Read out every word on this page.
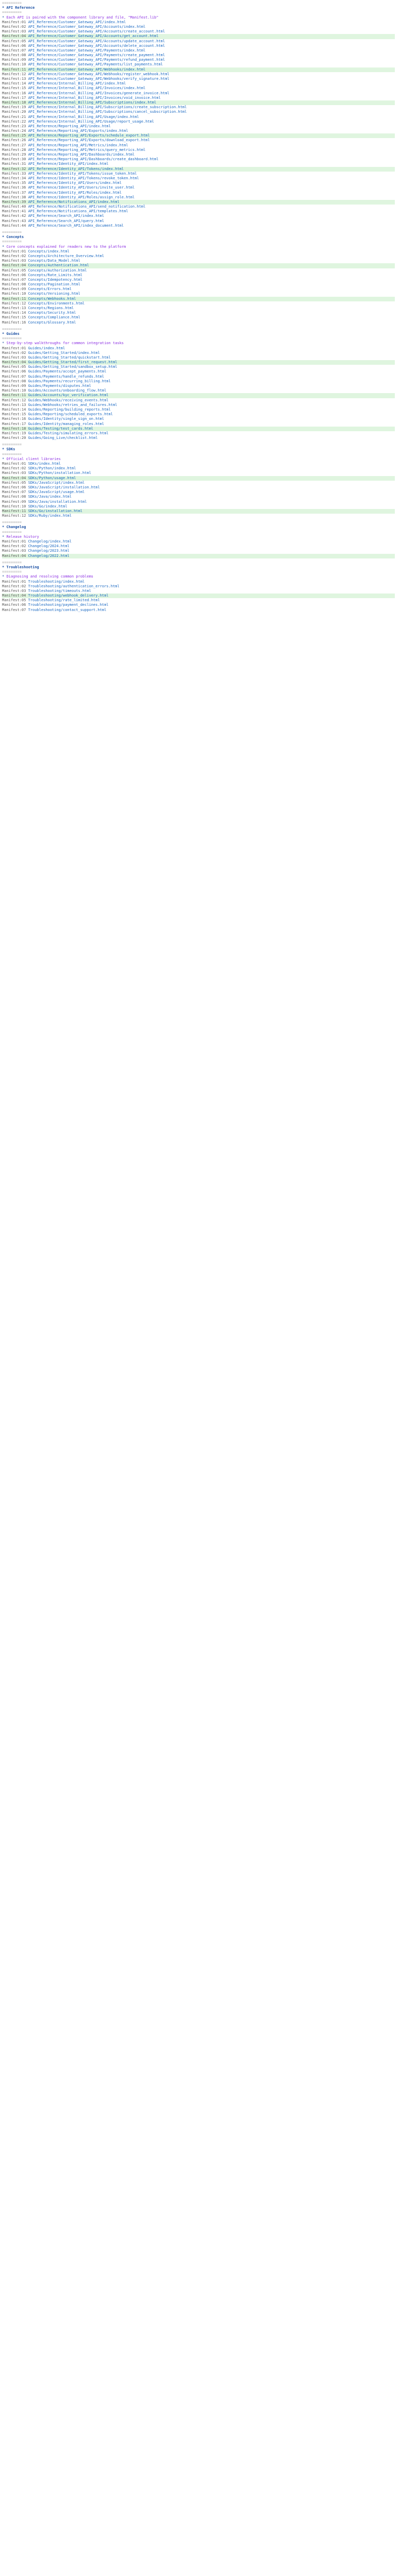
=========
* API Reference
=========
* Each API is paired with the component library and file, "Manifest.lib"
Manifest:01 API_Reference/Customer_Gateway_API/index.html
Manifest:02 API_Reference/Customer_Gateway_API/Accounts/index.html
Manifest:03 API_Reference/Customer_Gateway_API/Accounts/create_account.html
Manifest:04 API_Reference/Customer_Gateway_API/Accounts/get_account.html
Manifest:05 API_Reference/Customer_Gateway_API/Accounts/update_account.html
Manifest:06 API_Reference/Customer_Gateway_API/Accounts/delete_account.html
Manifest:07 API_Reference/Customer_Gateway_API/Payments/index.html
Manifest:08 API_Reference/Customer_Gateway_API/Payments/create_payment.html
Manifest:09 API_Reference/Customer_Gateway_API/Payments/refund_payment.html
Manifest:10 API_Reference/Customer_Gateway_API/Payments/list_payments.html
Manifest:11 API_Reference/Customer_Gateway_API/Webhooks/index.html
Manifest:12 API_Reference/Customer_Gateway_API/Webhooks/register_webhook.html
Manifest:13 API_Reference/Customer_Gateway_API/Webhooks/verify_signature.html
Manifest:14 API_Reference/Internal_Billing_API/index.html
Manifest:15 API_Reference/Internal_Billing_API/Invoices/index.html
Manifest:16 API_Reference/Internal_Billing_API/Invoices/generate_invoice.html
Manifest:17 API_Reference/Internal_Billing_API/Invoices/void_invoice.html
Manifest:18 API_Reference/Internal_Billing_API/Subscriptions/index.html
Manifest:19 API_Reference/Internal_Billing_API/Subscriptions/create_subscription.html
Manifest:20 API_Reference/Internal_Billing_API/Subscriptions/cancel_subscription.html
Manifest:21 API_Reference/Internal_Billing_API/Usage/index.html
Manifest:22 API_Reference/Internal_Billing_API/Usage/report_usage.html
Manifest:23 API_Reference/Reporting_API/index.html
Manifest:24 API_Reference/Reporting_API/Exports/index.html
Manifest:25 API_Reference/Reporting_API/Exports/schedule_export.html
Manifest:26 API_Reference/Reporting_API/Exports/download_export.html
Manifest:27 API_Reference/Reporting_API/Metrics/index.html
Manifest:28 API_Reference/Reporting_API/Metrics/query_metrics.html
Manifest:29 API_Reference/Reporting_API/Dashboards/index.html
Manifest:30 API_Reference/Reporting_API/Dashboards/create_dashboard.html
Manifest:31 API_Reference/Identity_API/index.html
Manifest:32 API_Reference/Identity_API/Tokens/index.html
Manifest:33 API_Reference/Identity_API/Tokens/issue_token.html
Manifest:34 API_Reference/Identity_API/Tokens/revoke_token.html
Manifest:35 API_Reference/Identity_API/Users/index.html
Manifest:36 API_Reference/Identity_API/Users/invite_user.html
Manifest:37 API_Reference/Identity_API/Roles/index.html
Manifest:38 API_Reference/Identity_API/Roles/assign_role.html
Manifest:39 API_Reference/Notifications_API/index.html
Manifest:40 API_Reference/Notifications_API/send_notification.html
Manifest:41 API_Reference/Notifications_API/templates.html
Manifest:42 API_Reference/Search_API/index.html
Manifest:43 API_Reference/Search_API/query.html
Manifest:44 API_Reference/Search_API/index_document.html
=========
* Concepts
=========
* Core concepts explained for readers new to the platform
Manifest:01 Concepts/index.html
Manifest:02 Concepts/Architecture_Overview.html
Manifest:03 Concepts/Data_Model.html
Manifest:04 Concepts/Authentication.html
Manifest:05 Concepts/Authorization.html
Manifest:06 Concepts/Rate_Limits.html
Manifest:07 Concepts/Idempotency.html
Manifest:08 Concepts/Pagination.html
Manifest:09 Concepts/Errors.html
Manifest:10 Concepts/Versioning.html
Manifest:11 Concepts/Webhooks.html
Manifest:12 Concepts/Environments.html
Manifest:13 Concepts/Regions.html
Manifest:14 Concepts/Security.html
Manifest:15 Concepts/Compliance.html
Manifest:16 Concepts/Glossary.html
=========
* Guides
=========
* Step-by-step walkthroughs for common integration tasks
Manifest:01 Guides/index.html
Manifest:02 Guides/Getting_Started/index.html
Manifest:03 Guides/Getting_Started/quickstart.html
Manifest:04 Guides/Getting_Started/first_request.html
Manifest:05 Guides/Getting_Started/sandbox_setup.html
Manifest:06 Guides/Payments/accept_payments.html
Manifest:07 Guides/Payments/handle_refunds.html
Manifest:08 Guides/Payments/recurring_billing.html
Manifest:09 Guides/Payments/disputes.html
Manifest:10 Guides/Accounts/onboarding_flow.html
Manifest:11 Guides/Accounts/kyc_verification.html
Manifest:12 Guides/Webhooks/receiving_events.html
Manifest:13 Guides/Webhooks/retries_and_failures.html
Manifest:14 Guides/Reporting/building_reports.html
Manifest:15 Guides/Reporting/scheduled_exports.html
Manifest:16 Guides/Identity/single_sign_on.html
Manifest:17 Guides/Identity/managing_roles.html
Manifest:18 Guides/Testing/test_cards.html
Manifest:19 Guides/Testing/simulating_errors.html
Manifest:20 Guides/Going_Live/checklist.html
=========
* SDKs
=========
* Official client libraries
Manifest:01 SDKs/index.html
Manifest:02 SDKs/Python/index.html
Manifest:03 SDKs/Python/installation.html
Manifest:04 SDKs/Python/usage.html
Manifest:05 SDKs/JavaScript/index.html
Manifest:06 SDKs/JavaScript/installation.html
Manifest:07 SDKs/JavaScript/usage.html
Manifest:08 SDKs/Java/index.html
Manifest:09 SDKs/Java/installation.html
Manifest:10 SDKs/Go/index.html
Manifest:11 SDKs/Go/installation.html
Manifest:12 SDKs/Ruby/index.html
=========
* Changelog
=========
* Release history
Manifest:01 Changelog/index.html
Manifest:02 Changelog/2024.html
Manifest:03 Changelog/2023.html
Manifest:04 Changelog/2022.html
=========
* Troubleshooting
=========
* Diagnosing and resolving common problems
Manifest:01 Troubleshooting/index.html
Manifest:02 Troubleshooting/authentication_errors.html
Manifest:03 Troubleshooting/timeouts.html
Manifest:04 Troubleshooting/webhook_delivery.html
Manifest:05 Troubleshooting/rate_limited.html
Manifest:06 Troubleshooting/payment_declines.html
Manifest:07 Troubleshooting/contact_support.html
